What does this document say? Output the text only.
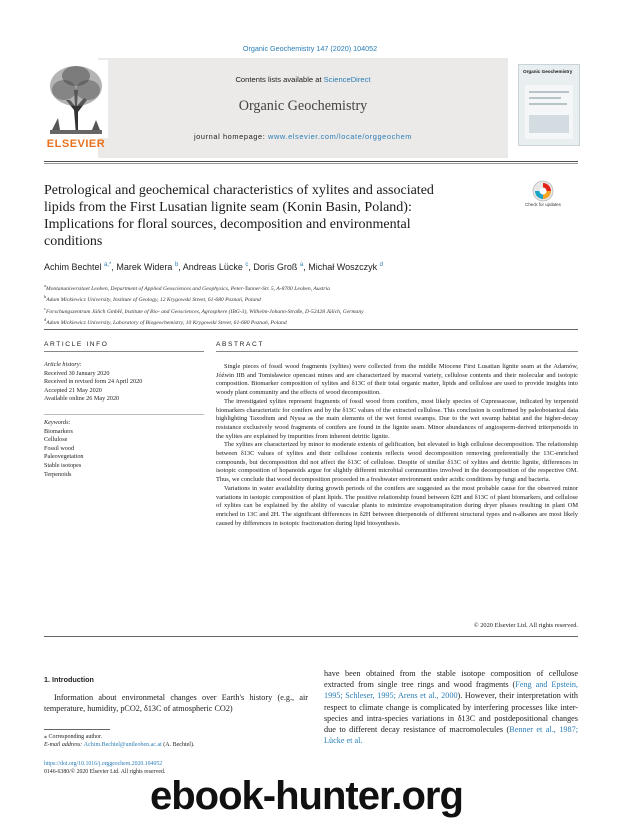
Organic Geochemistry 147 (2020) 104052
ELSEVIER
Contents lists available at ScienceDirect
Organic Geochemistry
journal homepage: www.elsevier.com/locate/orggeochem
Organic Geochemistry
Petrological and geochemical characteristics of xylites and associated
lipids from the First Lusatian lignite seam (Konin Basin, Poland):
Implications for floral sources, decomposition and environmental
conditions
Check for updates
Achim Bechtel $^{a,*}$, Marek Widera $^b$, Andreas Lücke $^c$, Doris Groß $^a$, Michał Woszczyk $^d$
$^a$Montanuniversitaet Leoben, Department of Applied Geosciences and Geophysics, Peter-Tunner-Str. 5, A-8700 Leoben, Austria
$^b$Adam Mickiewicz University, Institute of Geology, 12 Krygowski Street, 61-680 Poznań, Poland
$^c$Forschungszentrum Jülich GmbH, Institute of Bio- and Geosciences, Agrosphere (IBG-3), Wilhelm-Johann-Straße, D-52428 Jülich, Germany
$^d$Adam Mickiewicz University, Laboratory of Biogeochemistry, 10 Krygowski Street, 61-680 Poznań, Poland
ARTICLE INFO	ABSTRACT
Article history:
Received 30 January 2020
Received in revised form 24 April 2020
Accepted 21 May 2020
Available online 26 May 2020
Keywords:
Biomarkers
Cellulose
Fossil wood
Paleovegetation
Stable isotopes
Terpenoids

Single pieces of fossil wood fragments (xylites) were collected from the middle Miocene First Lusatian lignite seam at the Adamów, Jóźwin IIB and Tomisławice opencast mines and are characterized by maceral variety, cellulose contents and their molecular and isotopic composition. Biomarker composition of xylites and δ13C of their total organic matter, lipids and cellulose are used to provide insights into woody plant community and the effects of wood decomposition.

The investigated xylites represent fragments of fossil wood from conifers, most likely species of Cupressaceae, indicated by terpenoid biomarkers characteristic for conifers and by the δ13C values of the extracted cellulose. This conclusion is confirmed by paleobotanical data highlighting Taxodium and Nyssa as the main elements of the wet forest swamps. Due to the wet swamp habitat and the higher-decay resistance exclusively wood fragments of conifers are found in the lignite seam. Minor abundances of angiosperm-derived triterpenoids in the xylites are explained by impurities from inherent detritic lignite.

The xylites are characterized by minor to moderate extents of gelification, but elevated to high cellulose decomposition. The relationship between δ13C values of xylites and their cellulose contents reflects wood decomposition removing preferentially the 13C-enriched compounds, but decomposition did not affect the δ13C of cellulose. Despite of similar δ13C of xylites and detritic lignite, differences in isotopic composition of hopanoids argue for slightly different microbial communities involved in the decomposition of the respective OM. Thus, we conclude that wood decomposition proceeded in a freshwater environment under acidic conditions by fungi and bacteria.

Variations in water availability during growth periods of the conifers are suggested as the most probable cause for the observed minor variations in isotopic composition of plant lipids. The positive relationship found between δ2H and δ13C of plant biomarkers, and cellulose of xylites can be explained by the ability of vascular plants to minimize evapotranspiration during dryer phases resulting in plant OM enriched in 13C and 2H. The significant differences in δ2H between diterpenoids of different structural types and n-alkanes are most likely caused by differences in isotopic fractionation during lipid biosynthesis.

© 2020 Elsevier Ltd. All rights reserved.
1. Introduction
Information about environmetal changes over Earth's history (e.g., air temperature, humidity, pCO2, δ13C of atmospheric CO2)
have been obtained from the stable isotope composition of cellulose extracted from single tree rings and wood fragments (Feng and Epstein, 1995; Schleser, 1995; Arens et al., 2000). However, their interpretation with respect to climate change is complicated by interfering processes like inter-species and intra-species variations in δ13C and postdepositional changes due to different decay resistance of macromolecules (Benner et al., 1987; Lücke et al.
⁎ Corresponding author.
E-mail address: Achim.Bechtel@unileoben.ac.at (A. Bechtel).
https://doi.org/10.1016/j.orggeochem.2020.104052
0146-6380/© 2020 Elsevier Ltd. All rights reserved.
ebook-hunter.org
